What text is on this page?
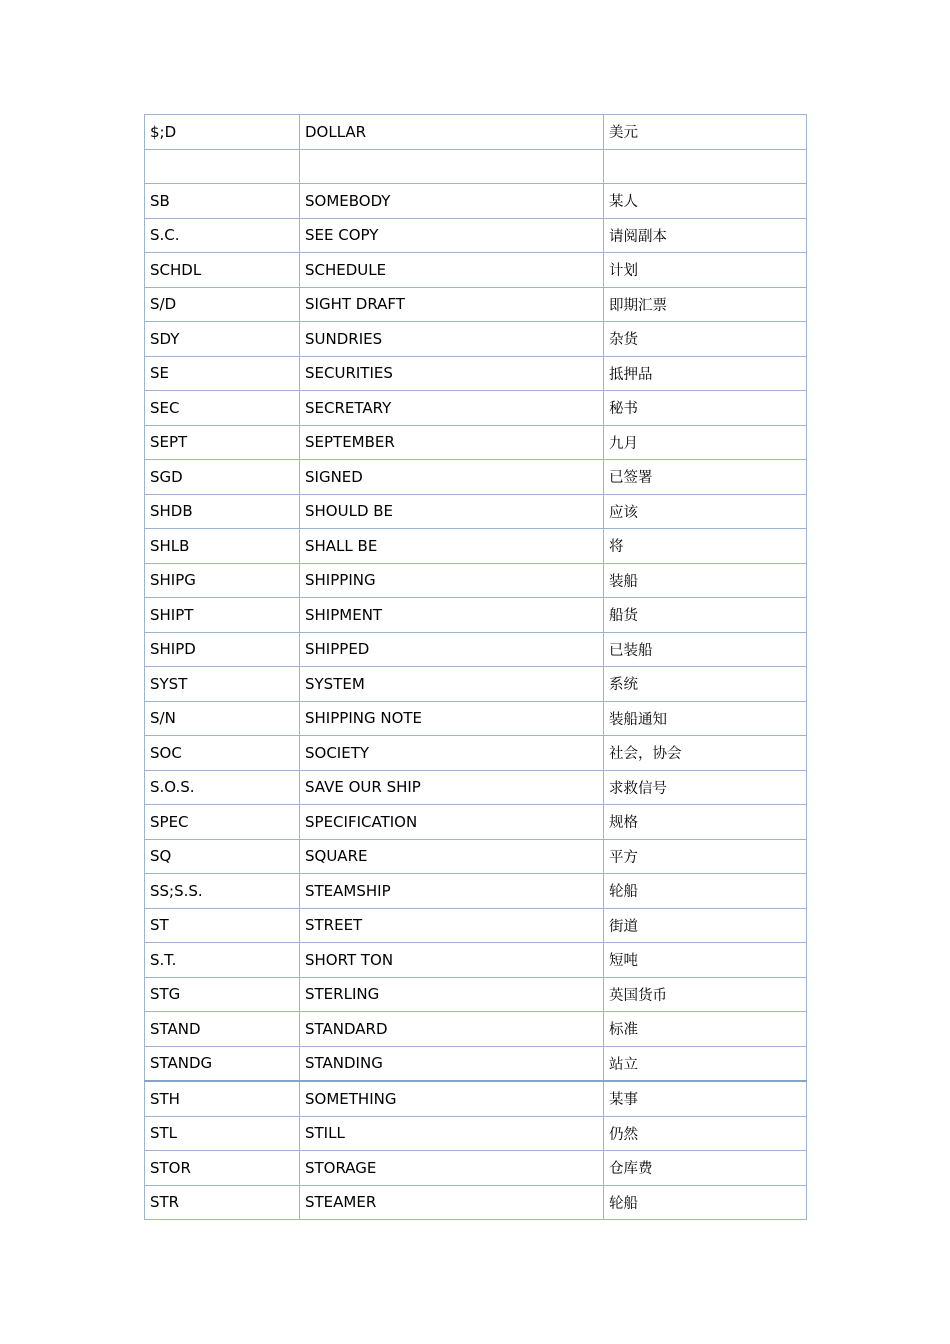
$;D	DOLLAR	美元

SB	SOMEBODY	某人
S.C.	SEE COPY	请阅副本
SCHDL	SCHEDULE	计划
S/D	SIGHT DRAFT	即期汇票
SDY	SUNDRIES	杂货
SE	SECURITIES	抵押品
SEC	SECRETARY	秘书
SEPT	SEPTEMBER	九月
SGD	SIGNED	已签署
SHDB	SHOULD BE	应该
SHLB	SHALL BE	将
SHIPG	SHIPPING	装船
SHIPT	SHIPMENT	船货
SHIPD	SHIPPED	已装船
SYST	SYSTEM	系统
S/N	SHIPPING NOTE	装船通知
SOC	SOCIETY	社会，协会
S.O.S.	SAVE OUR SHIP	求救信号
SPEC	SPECIFICATION	规格
SQ	SQUARE	平方
SS;S.S.	STEAMSHIP	轮船
ST	STREET	街道
S.T.	SHORT TON	短吨
STG	STERLING	英国货币
STAND	STANDARD	标准
STANDG	STANDING	站立
STH	SOMETHING	某事
STL	STILL	仍然
STOR	STORAGE	仓库费
STR	STEAMER	轮船
